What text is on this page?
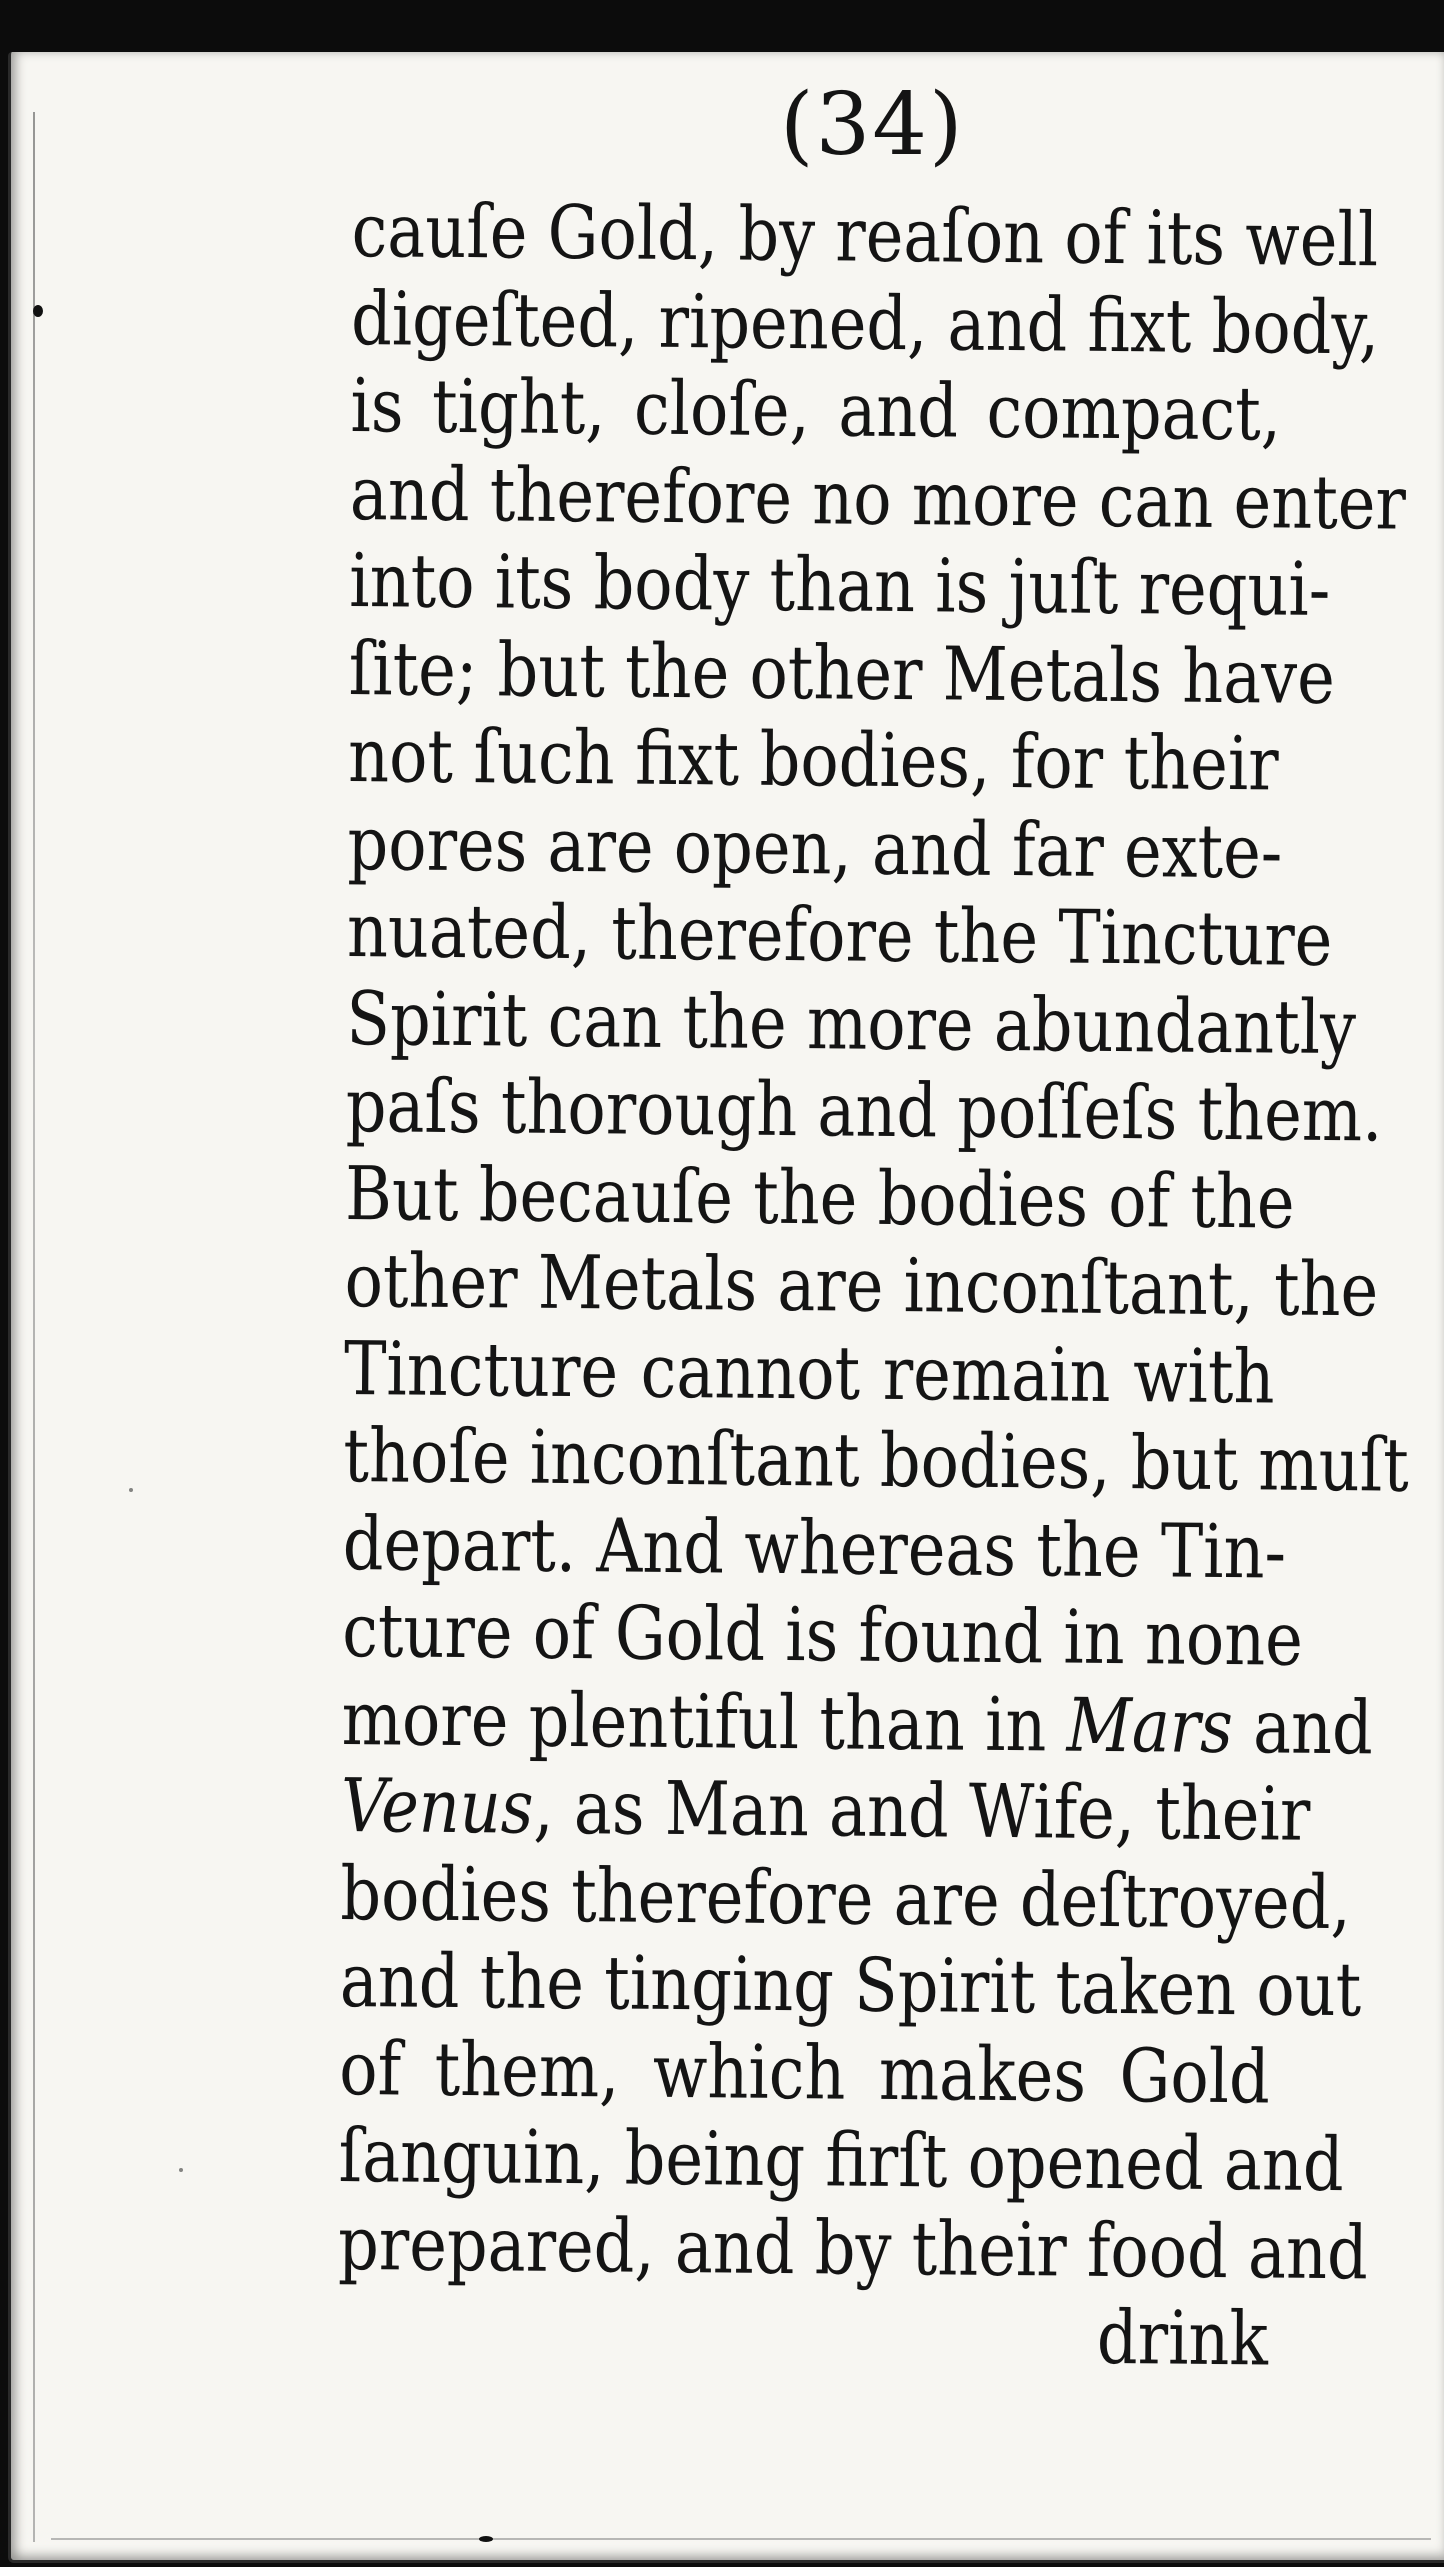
(34)
cauſe Gold, by reaſon of its well
digeſted, ripened, and fixt body,
is tight, cloſe, and compact,
and therefore no more can enter
into its body than is juſt requi-
ſite; but the other Metals have
not ſuch fixt bodies, for their
pores are open, and far exte-
nuated, therefore the Tincture
Spirit can the more abundantly
paſs thorough and poſſeſs them.
But becauſe the bodies of the
other Metals are inconſtant, the
Tincture cannot remain with
thoſe inconſtant bodies, but muſt
depart. And whereas the Tin-
cture of Gold is found in none
more plentiful than in Mars and
Venus, as Man and Wife, their
bodies therefore are deſtroyed,
and the tinging Spirit taken out
of them, which makes Gold
ſanguin, being firſt opened and
prepared, and by their food and
drink
